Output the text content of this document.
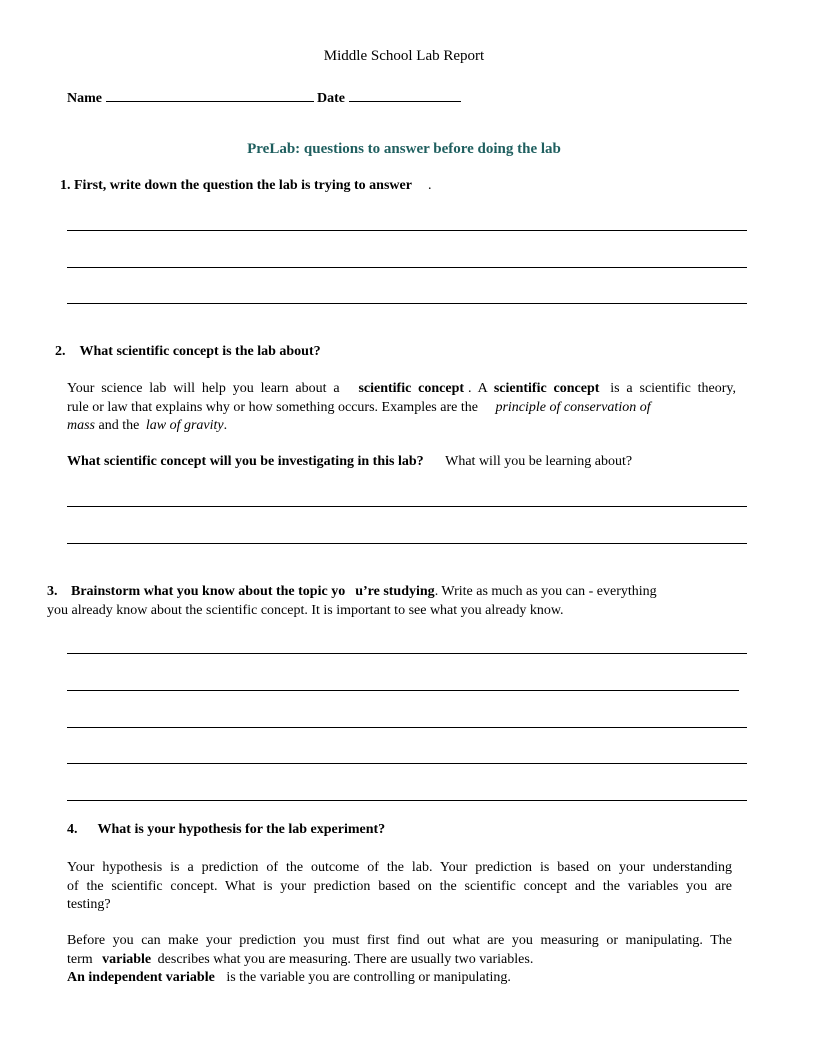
Middle School Lab Report
Name	Date
PreLab: questions to answer before doing the lab
1. First, write down the question the lab is trying to answer .
2. What scientific concept is the lab about?
Your science lab will help you learn about a scientific concept . A scientific concept is a scientific theory,
rule or law that explains why or how something occurs. Examples are the principle of conservation of
mass and the law of gravity.
What scientific concept will you be investigating in this lab? What will you be learning about?
3. Brainstorm what you know about the topic yo u’re studying. Write as much as you can - everything
you already know about the scientific concept. It is important to see what you already know.
4. What is your hypothesis for the lab experiment?
Your hypothesis is a prediction of the outcome of the lab. Your prediction is based on your understanding
of the scientific concept. What is your prediction based on the scientific concept and the variables you are
testing?
Before you can make your prediction you must first find out what are you measuring or manipulating. The
term variable describes what you are measuring. There are usually two variables.
An independent variable is the variable you are controlling or manipulating.
